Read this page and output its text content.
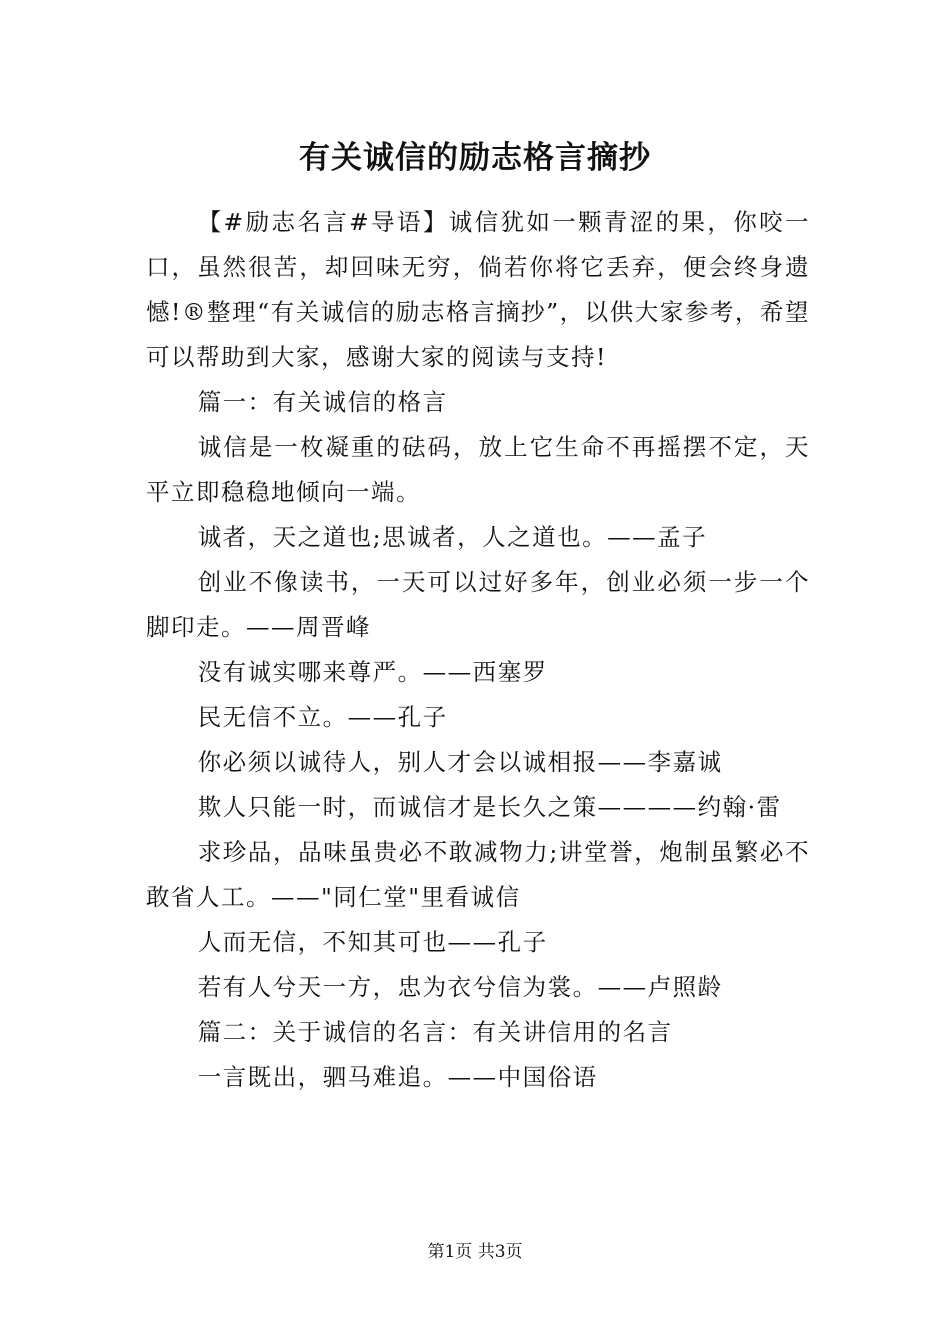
有关诚信的励志格言摘抄

【#励志名言#导语】诚信犹如一颗青涩的果，你咬一口，虽然很苦，却回味无穷，倘若你将它丢弃，便会终身遗憾!®整理“有关诚信的励志格言摘抄”，以供大家参考，希望可以帮助到大家，感谢大家的阅读与支持!

篇一：有关诚信的格言

诚信是一枚凝重的砝码，放上它生命不再摇摆不定，天平立即稳稳地倾向一端。

诚者，天之道也;思诚者，人之道也。——孟子

创业不像读书，一天可以过好多年，创业必须一步一个脚印走。——周晋峰

没有诚实哪来尊严。——西塞罗

民无信不立。——孔子

你必须以诚待人，别人才会以诚相报——李嘉诚

欺人只能一时，而诚信才是长久之策————约翰·雷

求珍品，品味虽贵必不敢减物力;讲堂誉，炮制虽繁必不敢省人工。——"同仁堂"里看诚信

人而无信，不知其可也——孔子

若有人兮天一方，忠为衣兮信为裳。——卢照龄

篇二：关于诚信的名言：有关讲信用的名言

一言既出，驷马难追。——中国俗语

第1页 共3页
